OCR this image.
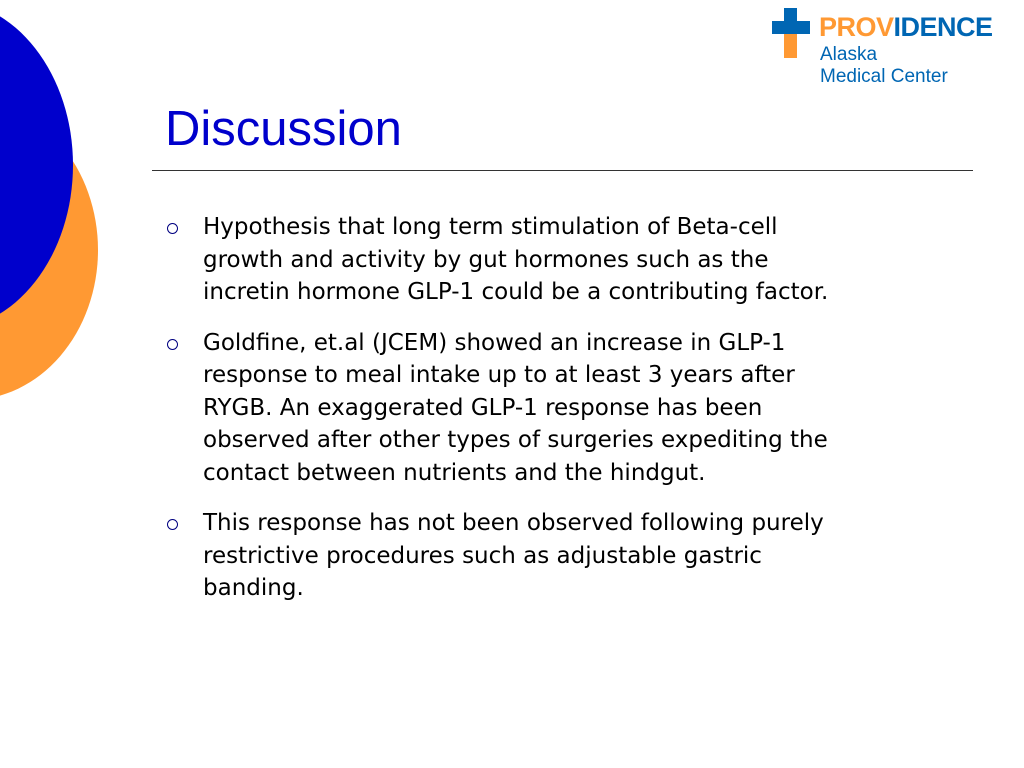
PROVIDENCE
Alaska
Medical Center
Discussion
Hypothesis that long term stimulation of Beta-cell
growth and activity by gut hormones such as the
incretin hormone GLP-1 could be a contributing factor.
Goldfine, et.al (JCEM) showed an increase in GLP-1
response to meal intake up to at least 3 years after
RYGB. An exaggerated GLP-1 response has been
observed after other types of surgeries expediting the
contact between nutrients and the hindgut.
This response has not been observed following purely
restrictive procedures such as adjustable gastric
banding.
